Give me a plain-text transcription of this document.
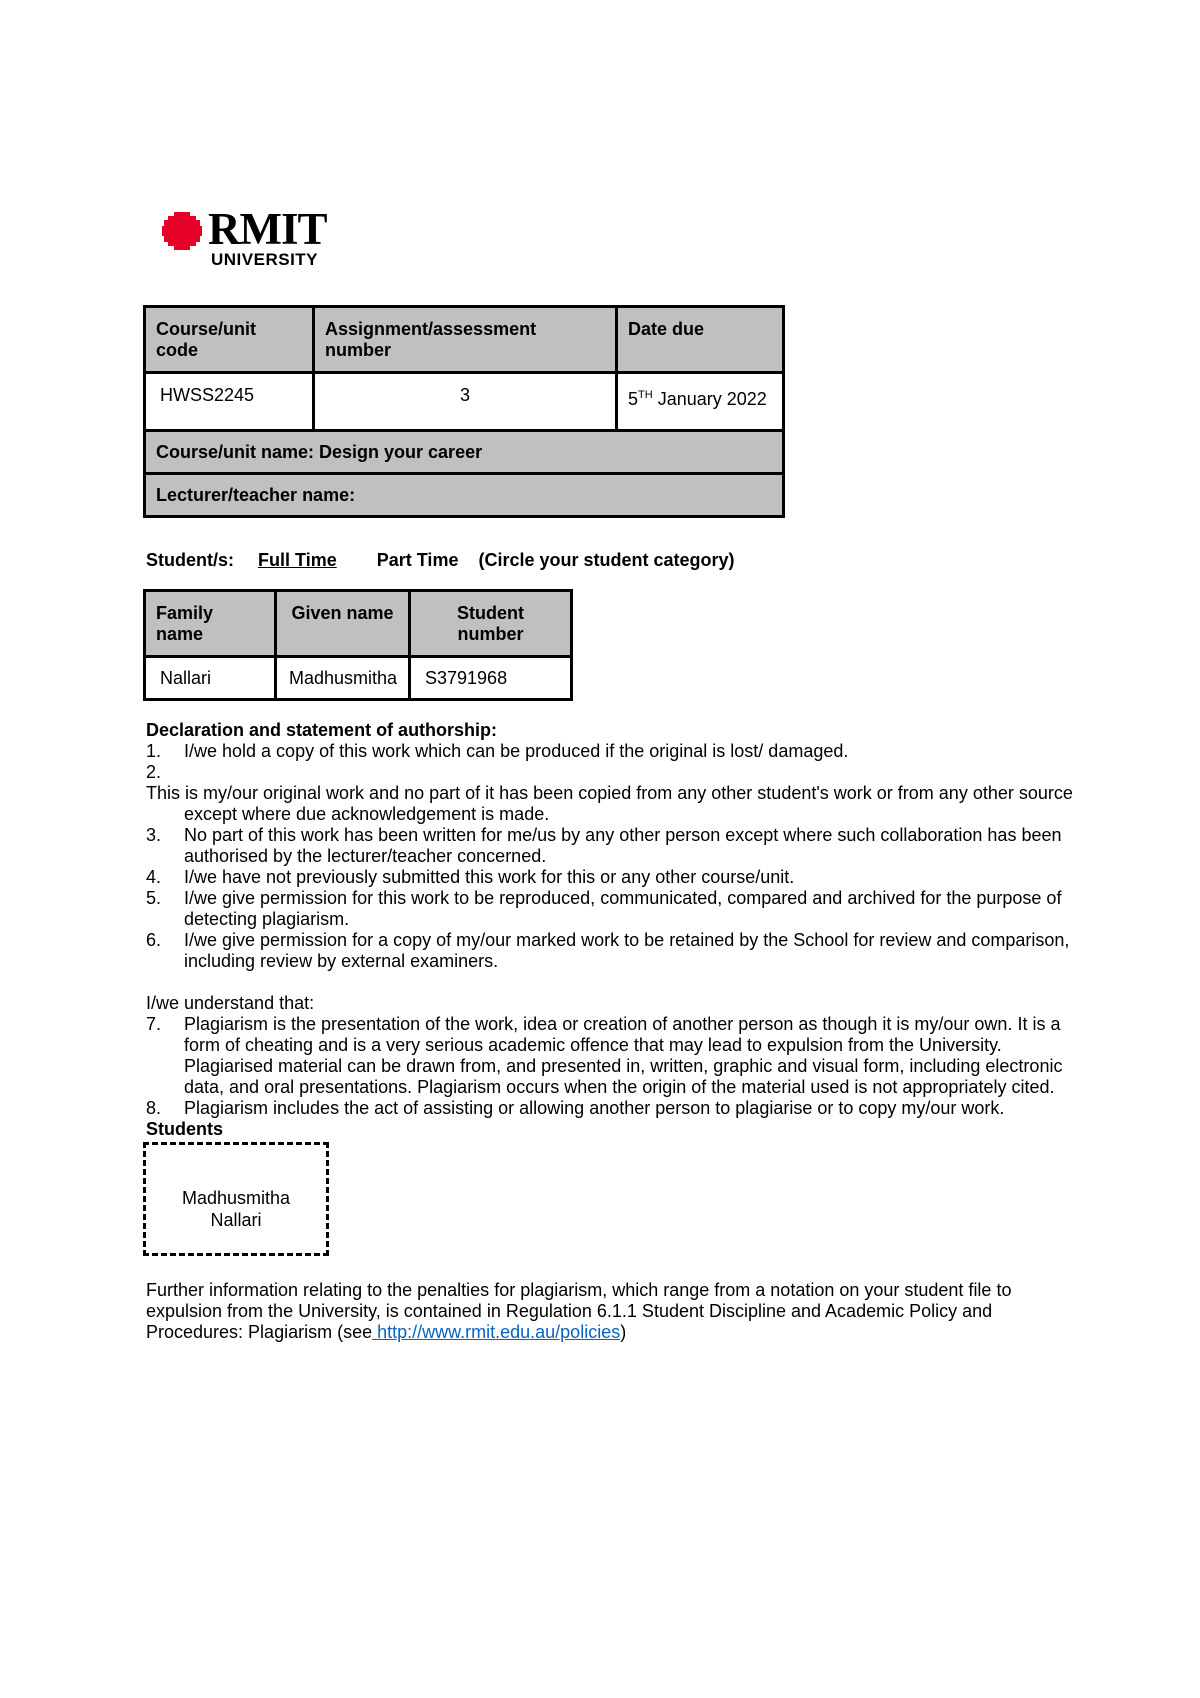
RMIT
UNIVERSITY
Course/unit code	Assignment/assessment number	Date due

HWSS2245	3	5TH January 2022

Course/unit name: Design your career		

Lecturer/teacher name:		
Student/s: Full Time Part Time (Circle your student category)
Family name	Given name	Student number

Nallari	Madhusmitha	S3791968
Declaration and statement of authorship:
1. I/we hold a copy of this work which can be produced if the original is lost/ damaged.
2.

This is my/our original work and no part of it has been copied from any other student's work or from any other source except where due acknowledgement is made.
3. No part of this work has been written for me/us by any other person except where such collaboration has been authorised by the lecturer/teacher concerned.
4. I/we have not previously submitted this work for this or any other course/unit.
5. I/we give permission for this work to be reproduced, communicated, compared and archived for the purpose of detecting plagiarism.
6. I/we give permission for a copy of my/our marked work to be retained by the School for review and comparison, including review by external examiners.
I/we understand that:
7. Plagiarism is the presentation of the work, idea or creation of another person as though it is my/our own. It is a form of cheating and is a very serious academic offence that may lead to expulsion from the University. Plagiarised material can be drawn from, and presented in, written, graphic and visual form, including electronic data, and oral presentations. Plagiarism occurs when the origin of the material used is not appropriately cited.
8. Plagiarism includes the act of assisting or allowing another person to plagiarise or to copy my/our work.
Students
Madhusmitha
Nallari
Further information relating to the penalties for plagiarism, which range from a notation on your student file to expulsion from the University, is contained in Regulation 6.1.1 Student Discipline and Academic Policy and Procedures: Plagiarism (see http://www.rmit.edu.au/policies)
